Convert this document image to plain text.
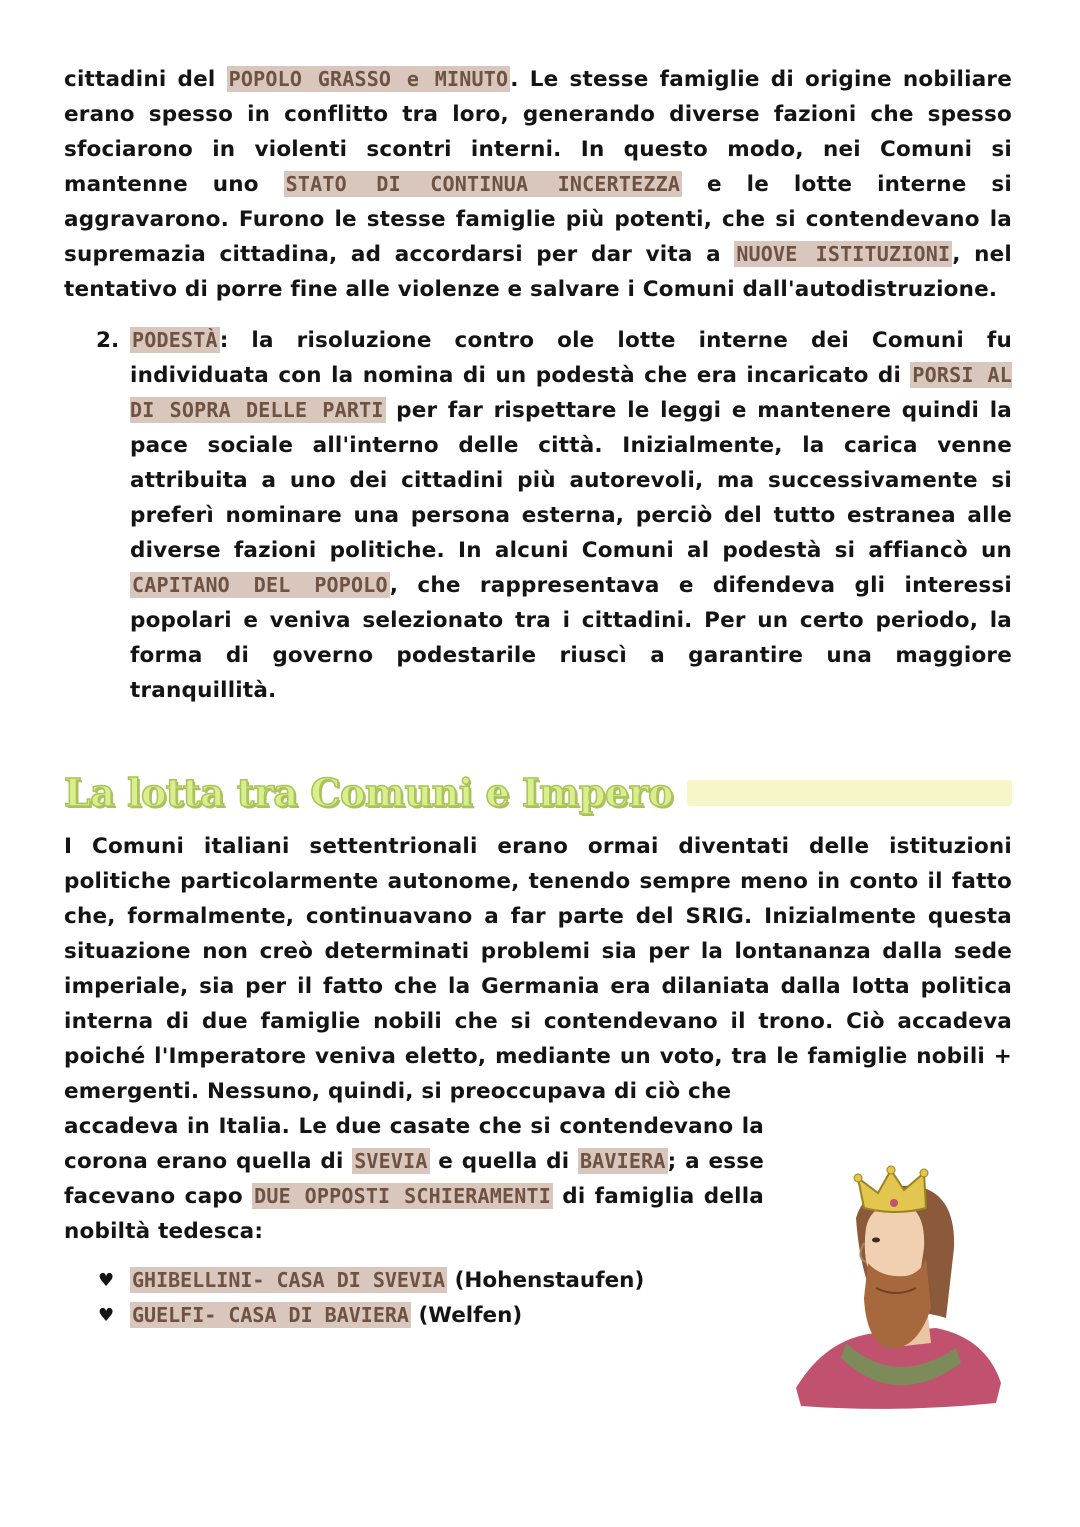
cittadini del POPOLO GRASSO e MINUTO. Le stesse famiglie di origine nobiliare erano spesso in conflitto tra loro, generando diverse fazioni che spesso sfociarono in violenti scontri interni. In questo modo, nei Comuni si mantenne uno STATO DI CONTINUA INCERTEZZA e le lotte interne si aggravarono. Furono le stesse famiglie più potenti, che si contendevano la supremazia cittadina, ad accordarsi per dar vita a NUOVE ISTITUZIONI, nel tentativo di porre fine alle violenze e salvare i Comuni dall'autodistruzione.

2. PODESTÀ: la risoluzione contro ole lotte interne dei Comuni fu individuata con la nomina di un podestà che era incaricato di PORSI AL DI SOPRA DELLE PARTI per far rispettare le leggi e mantenere quindi la pace sociale all'interno delle città. Inizialmente, la carica venne attribuita a uno dei cittadini più autorevoli, ma successivamente si preferì nominare una persona esterna, perciò del tutto estranea alle diverse fazioni politiche. In alcuni Comuni al podestà si affiancò un CAPITANO DEL POPOLO, che rappresentava e difendeva gli interessi popolari e veniva selezionato tra i cittadini. Per un certo periodo, la forma di governo podestarile riuscì a garantire una maggiore tranquillità.

La lotta tra Comuni e Impero

I Comuni italiani settentrionali erano ormai diventati delle istituzioni politiche particolarmente autonome, tenendo sempre meno in conto il fatto che, formalmente, continuavano a far parte del SRIG. Inizialmente questa situazione non creò determinati problemi sia per la lontananza dalla sede imperiale, sia per il fatto che la Germania era dilaniata dalla lotta politica interna di due famiglie nobili che si contendevano il trono. Ciò accadeva poiché l'Imperatore veniva eletto, mediante un voto, tra le famiglie nobili + emergenti. Nessuno, quindi, si preoccupava di ciò che

accadeva in Italia. Le due casate che si contendevano la corona erano quella di SVEVIA e quella di BAVIERA; a esse facevano capo DUE OPPOSTI SCHIERAMENTI di famiglia della nobiltà tedesca:

♥ GHIBELLINI- CASA DI SVEVIA (Hohenstaufen)
♥ GUELFI- CASA DI BAVIERA (Welfen)
